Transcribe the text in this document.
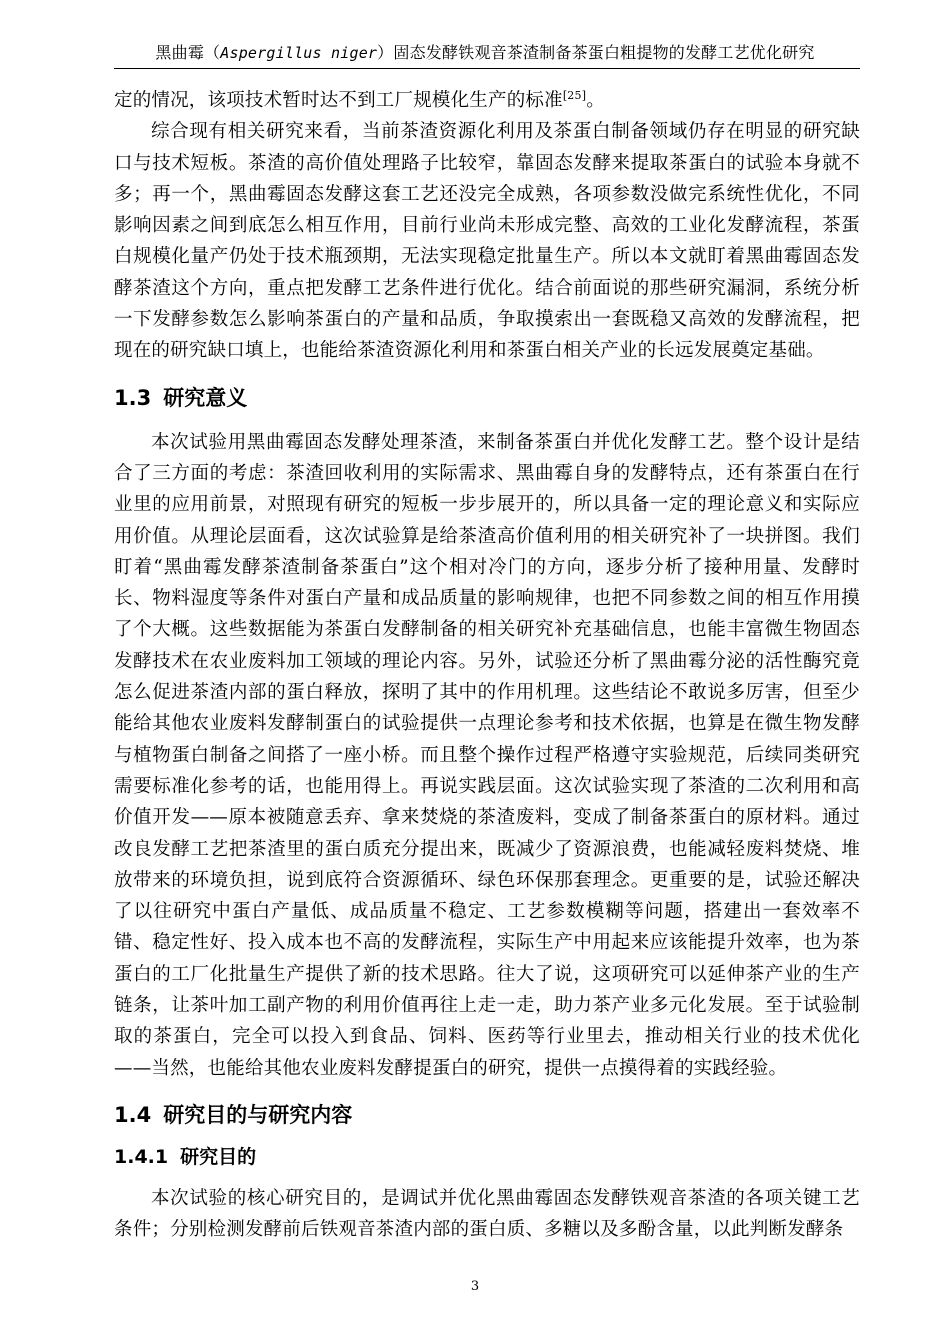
黑曲霉（Aspergillus niger）固态发酵铁观音茶渣制备茶蛋白粗提物的发酵工艺优化研究

定的情况，该项技术暂时达不到工厂规模化生产的标准[25]。

综合现有相关研究来看，当前茶渣资源化利用及茶蛋白制备领域仍存在明显的研究缺口与技术短板。茶渣的高价值处理路子比较窄，靠固态发酵来提取茶蛋白的试验本身就不多；再一个，黑曲霉固态发酵这套工艺还没完全成熟，各项参数没做完系统性优化，不同影响因素之间到底怎么相互作用，目前行业尚未形成完整、高效的工业化发酵流程，茶蛋白规模化量产仍处于技术瓶颈期，无法实现稳定批量生产。所以本文就盯着黑曲霉固态发酵茶渣这个方向，重点把发酵工艺条件进行优化。结合前面说的那些研究漏洞，系统分析一下发酵参数怎么影响茶蛋白的产量和品质，争取摸索出一套既稳又高效的发酵流程，把现在的研究缺口填上，也能给茶渣资源化利用和茶蛋白相关产业的长远发展奠定基础。

1.3 研究意义

本次试验用黑曲霉固态发酵处理茶渣，来制备茶蛋白并优化发酵工艺。整个设计是结合了三方面的考虑：茶渣回收利用的实际需求、黑曲霉自身的发酵特点，还有茶蛋白在行业里的应用前景，对照现有研究的短板一步步展开的，所以具备一定的理论意义和实际应用价值。从理论层面看，这次试验算是给茶渣高价值利用的相关研究补了一块拼图。我们盯着“黑曲霉发酵茶渣制备茶蛋白”这个相对冷门的方向，逐步分析了接种用量、发酵时长、物料湿度等条件对蛋白产量和成品质量的影响规律，也把不同参数之间的相互作用摸了个大概。这些数据能为茶蛋白发酵制备的相关研究补充基础信息，也能丰富微生物固态发酵技术在农业废料加工领域的理论内容。另外，试验还分析了黑曲霉分泌的活性酶究竟怎么促进茶渣内部的蛋白释放，探明了其中的作用机理。这些结论不敢说多厉害，但至少能给其他农业废料发酵制蛋白的试验提供一点理论参考和技术依据，也算是在微生物发酵与植物蛋白制备之间搭了一座小桥。而且整个操作过程严格遵守实验规范，后续同类研究需要标准化参考的话，也能用得上。再说实践层面。这次试验实现了茶渣的二次利用和高价值开发——原本被随意丢弃、拿来焚烧的茶渣废料，变成了制备茶蛋白的原材料。通过改良发酵工艺把茶渣里的蛋白质充分提出来，既减少了资源浪费，也能减轻废料焚烧、堆放带来的环境负担，说到底符合资源循环、绿色环保那套理念。更重要的是，试验还解决了以往研究中蛋白产量低、成品质量不稳定、工艺参数模糊等问题，搭建出一套效率不错、稳定性好、投入成本也不高的发酵流程，实际生产中用起来应该能提升效率，也为茶蛋白的工厂化批量生产提供了新的技术思路。往大了说，这项研究可以延伸茶产业的生产链条，让茶叶加工副产物的利用价值再往上走一走，助力茶产业多元化发展。至于试验制取的茶蛋白，完全可以投入到食品、饲料、医药等行业里去，推动相关行业的技术优化——当然，也能给其他农业废料发酵提蛋白的研究，提供一点摸得着的实践经验。

1.4 研究目的与研究内容
1.4.1 研究目的

本次试验的核心研究目的，是调试并优化黑曲霉固态发酵铁观音茶渣的各项关键工艺条件；分别检测发酵前后铁观音茶渣内部的蛋白质、多糖以及多酚含量，以此判断发酵条

3
